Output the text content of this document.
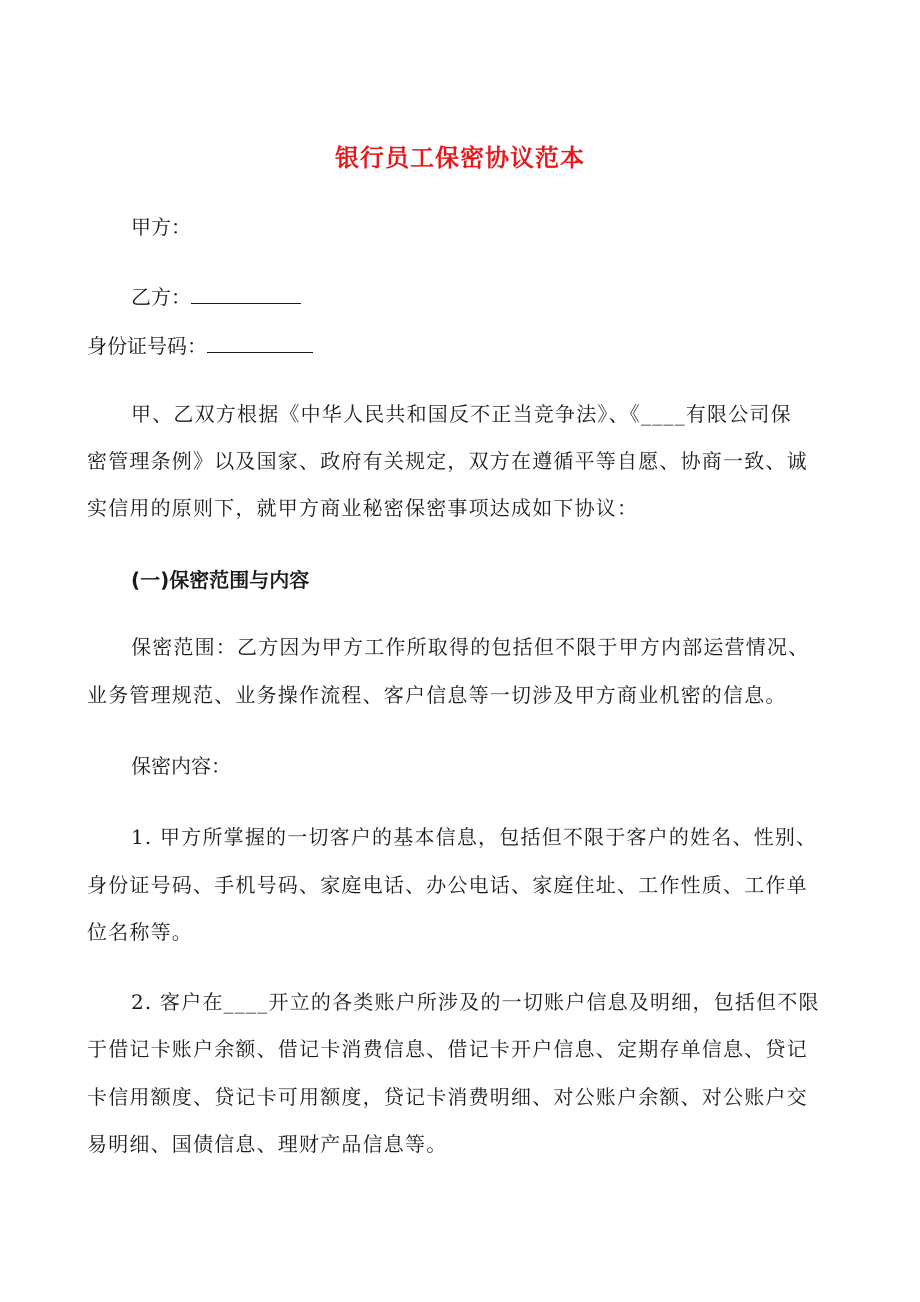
银行员工保密协议范本
甲方：
乙方：
身份证号码：
甲、乙双方根据《中华人民共和国反不正当竞争法》、《____有限公司保
密管理条例》以及国家、政府有关规定，双方在遵循平等自愿、协商一致、诚
实信用的原则下，就甲方商业秘密保密事项达成如下协议：
(一)保密范围与内容
保密范围：乙方因为甲方工作所取得的包括但不限于甲方内部运营情况、
业务管理规范、业务操作流程、客户信息等一切涉及甲方商业机密的信息。
保密内容：
1. 甲方所掌握的一切客户的基本信息，包括但不限于客户的姓名、性别、
身份证号码、手机号码、家庭电话、办公电话、家庭住址、工作性质、工作单
位名称等。
2. 客户在____开立的各类账户所涉及的一切账户信息及明细，包括但不限
于借记卡账户余额、借记卡消费信息、借记卡开户信息、定期存单信息、贷记
卡信用额度、贷记卡可用额度，贷记卡消费明细、对公账户余额、对公账户交
易明细、国债信息、理财产品信息等。
